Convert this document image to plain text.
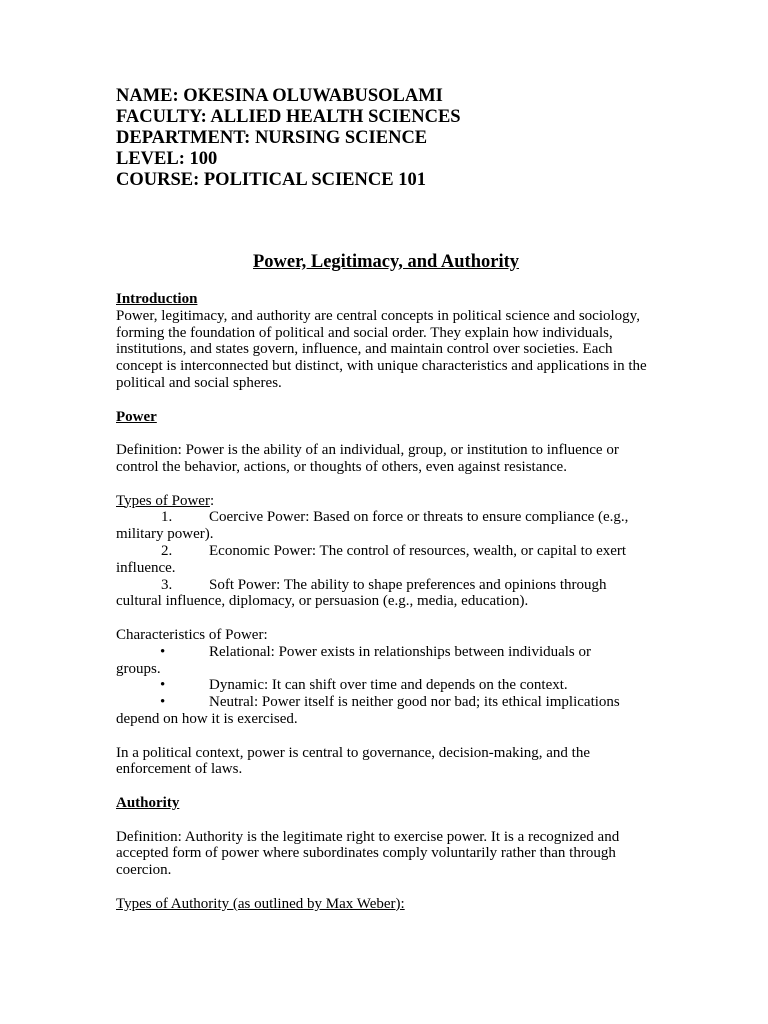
NAME: OKESINA OLUWABUSOLAMI
FACULTY: ALLIED HEALTH SCIENCES
DEPARTMENT: NURSING SCIENCE
LEVEL: 100
COURSE: POLITICAL SCIENCE 101
Power, Legitimacy, and Authority
Introduction

Power, legitimacy, and authority are central concepts in political science and sociology, forming the foundation of political and social order. They explain how individuals, institutions, and states govern, influence, and maintain control over societies. Each concept is interconnected but distinct, with unique characteristics and applications in the political and social spheres.

Power

Definition: Power is the ability of an individual, group, or institution to influence or control the behavior, actions, or thoughts of others, even against resistance.

Types of Power:

1. Coercive Power: Based on force or threats to ensure compliance (e.g.,
military power).

2. Economic Power: The control of resources, wealth, or capital to exert
influence.

3. Soft Power: The ability to shape preferences and opinions through
cultural influence, diplomacy, or persuasion (e.g., media, education).

Characteristics of Power:

•	Relational: Power exists in relationships between individuals or
groups.

•	Dynamic: It can shift over time and depends on the context.

•	Neutral: Power itself is neither good nor bad; its ethical implications
depend on how it is exercised.

In a political context, power is central to governance, decision-making, and the enforcement of laws.

Authority

Definition: Authority is the legitimate right to exercise power. It is a recognized and accepted form of power where subordinates comply voluntarily rather than through coercion.

Types of Authority (as outlined by Max Weber):
